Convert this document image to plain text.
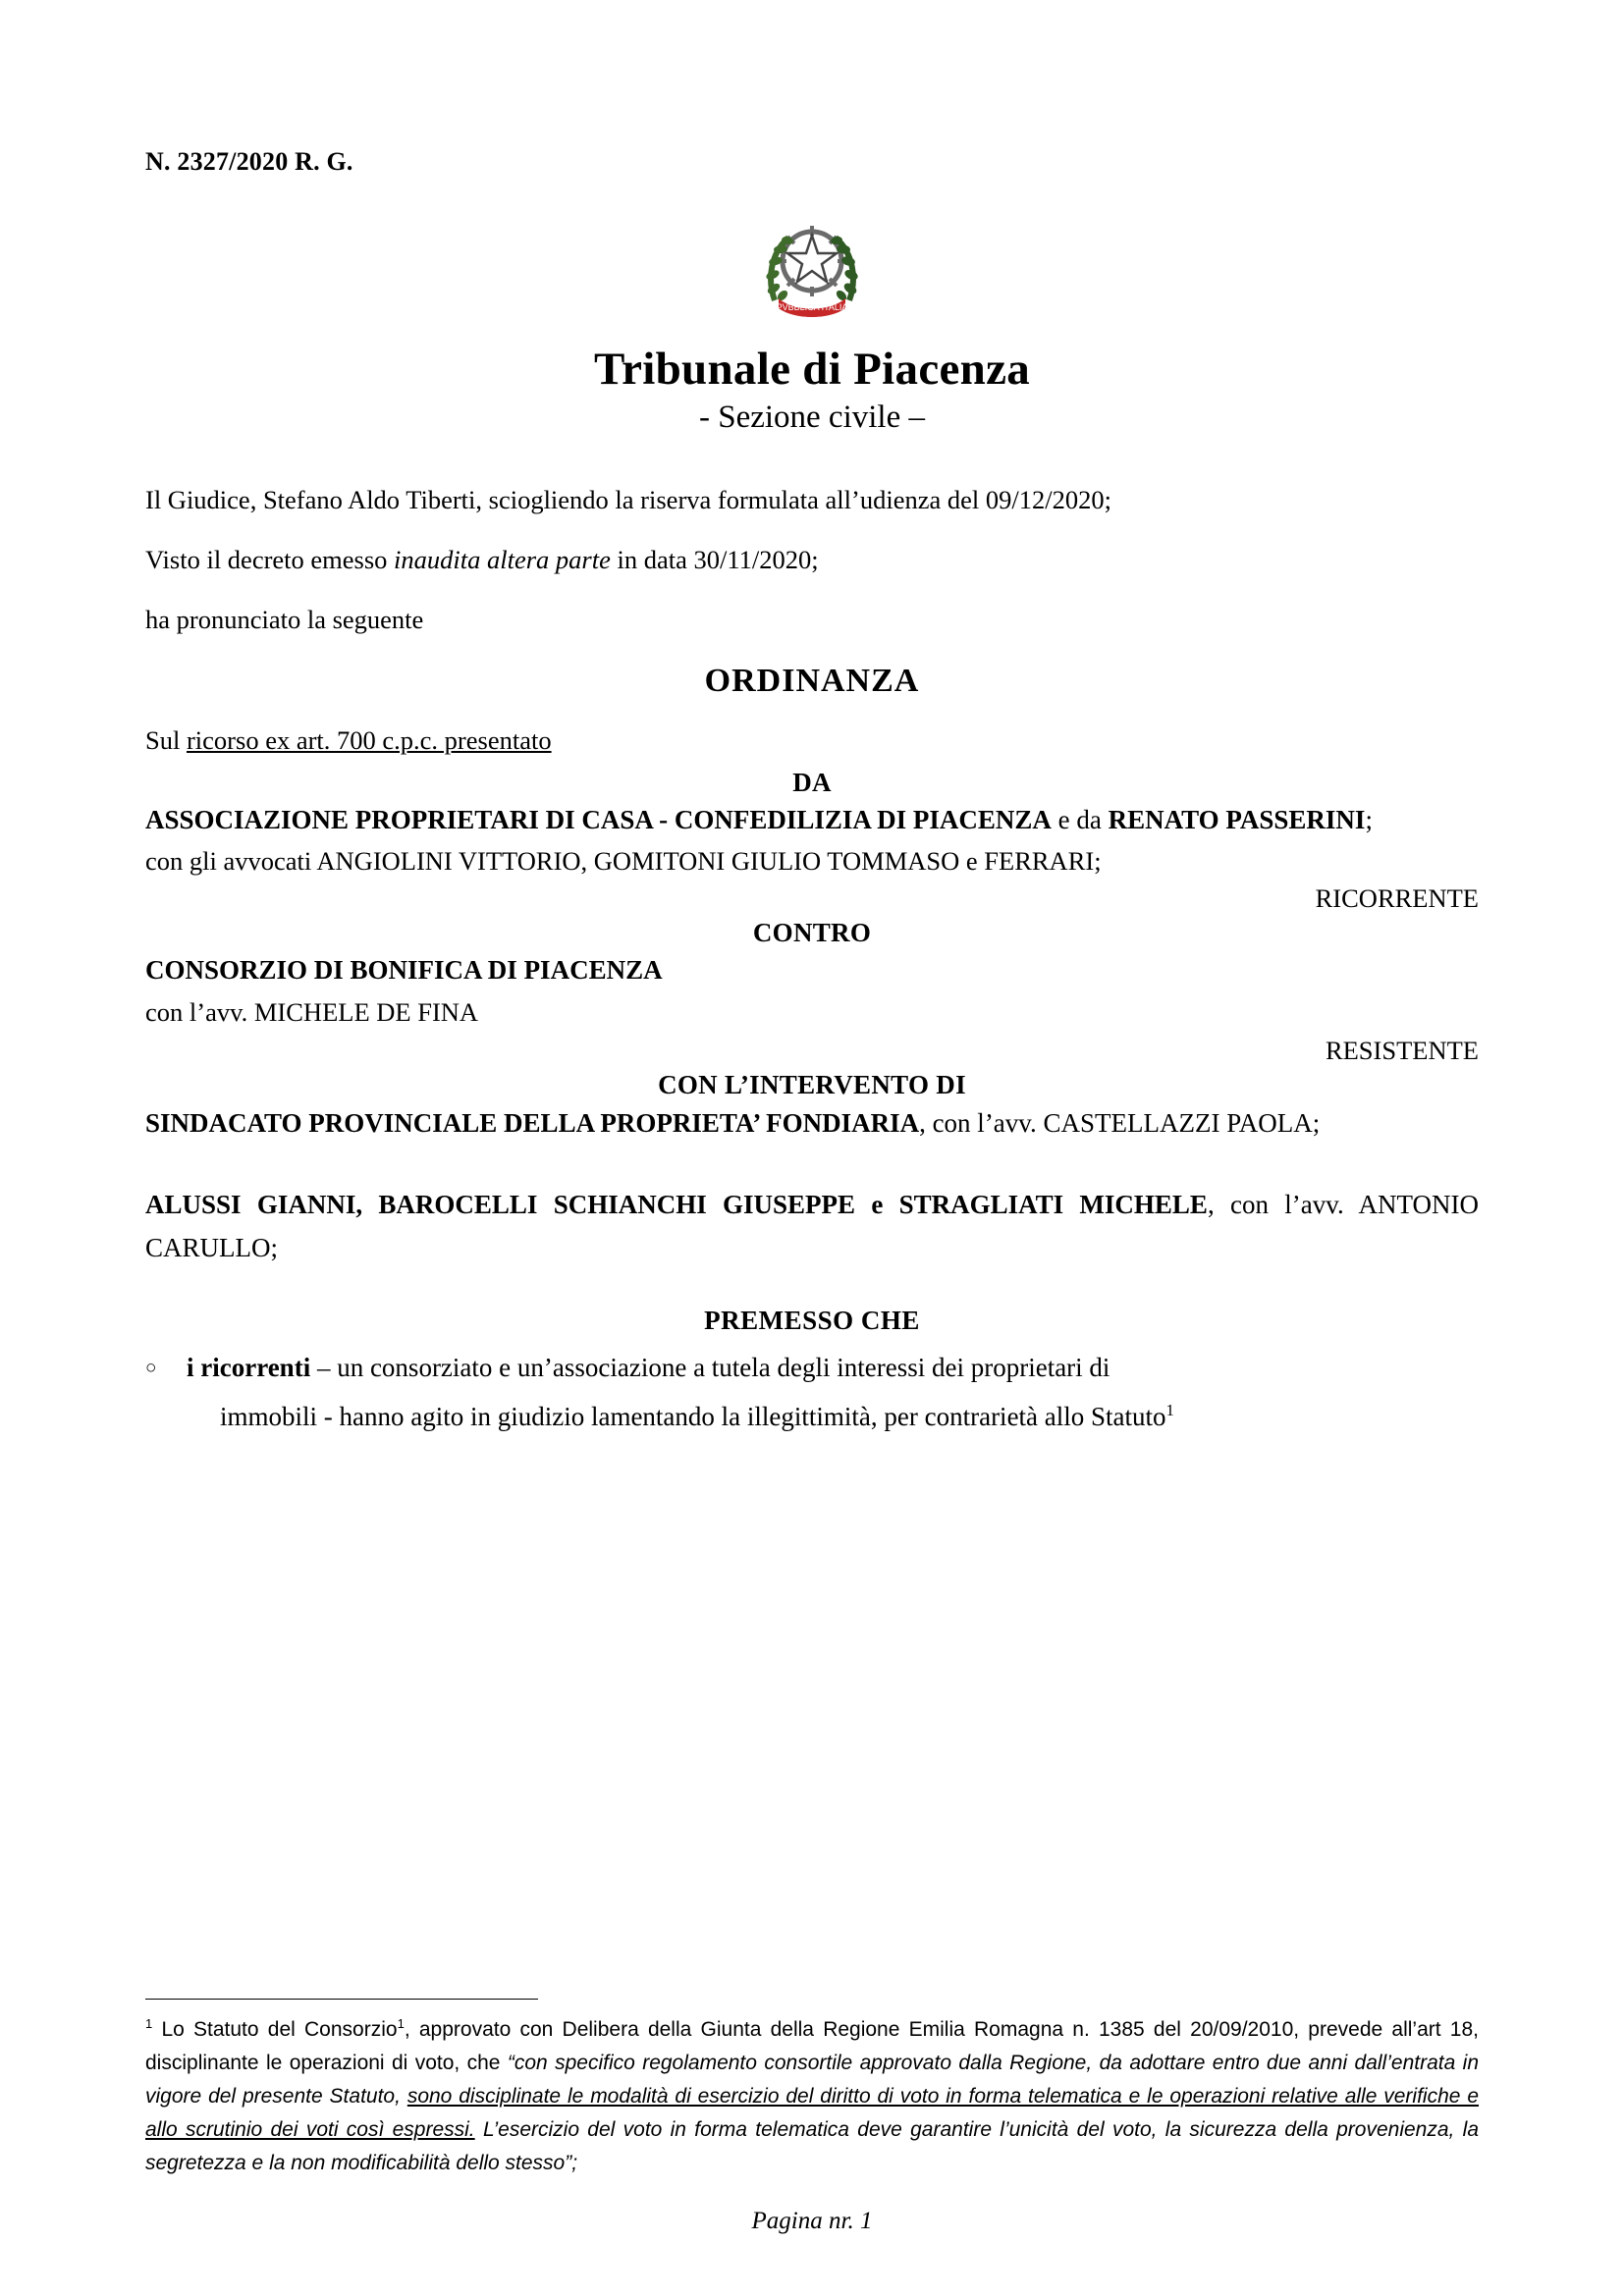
N. 2327/2020 R. G.
REPVBBLICA ITALIANA
Tribunale di Piacenza
- Sezione civile –

Il Giudice, Stefano Aldo Tiberti, sciogliendo la riserva formulata all’udienza del 09/12/2020;

Visto il decreto emesso inaudita altera parte in data 30/11/2020;

ha pronunciato la seguente

ORDINANZA

Sul ricorso ex art. 700 c.p.c. presentato

DA

ASSOCIAZIONE PROPRIETARI DI CASA - CONFEDILIZIA DI PIACENZA e da RENATO PASSERINI;

con gli avvocati ANGIOLINI VITTORIO, GOMITONI GIULIO TOMMASO e FERRARI;

RICORRENTE

CONTRO

CONSORZIO DI BONIFICA DI PIACENZA

con l’avv. MICHELE DE FINA

RESISTENTE

CON L’INTERVENTO DI

SINDACATO PROVINCIALE DELLA PROPRIETA’ FONDIARIA, con l’avv. CASTELLAZZI PAOLA;

ALUSSI GIANNI, BAROCELLI SCHIANCHI GIUSEPPE e STRAGLIATI MICHELE, con l’avv. ANTONIO CARULLO;

PREMESSO CHE
○	i ricorrenti – un consorziato e un’associazione a tutela degli interessi dei proprietari di
immobili - hanno agito in giudizio lamentando la illegittimità, per contrarietà allo Statuto$^1$
$^1$ Lo Statuto del Consorzio$^1$, approvato con Delibera della Giunta della Regione Emilia Romagna n. 1385 del 20/09/2010, prevede all’art 18, disciplinante le operazioni di voto, che “con specifico regolamento consortile approvato dalla Regione, da adottare entro due anni dall’entrata in vigore del presente Statuto, sono disciplinate le modalità di esercizio del diritto di voto in forma telematica e le operazioni relative alle verifiche e allo scrutinio dei voti così espressi. L’esercizio del voto in forma telematica deve garantire l’unicità del voto, la sicurezza della provenienza, la segretezza e la non modificabilità dello stesso”;
Pagina nr. 1
